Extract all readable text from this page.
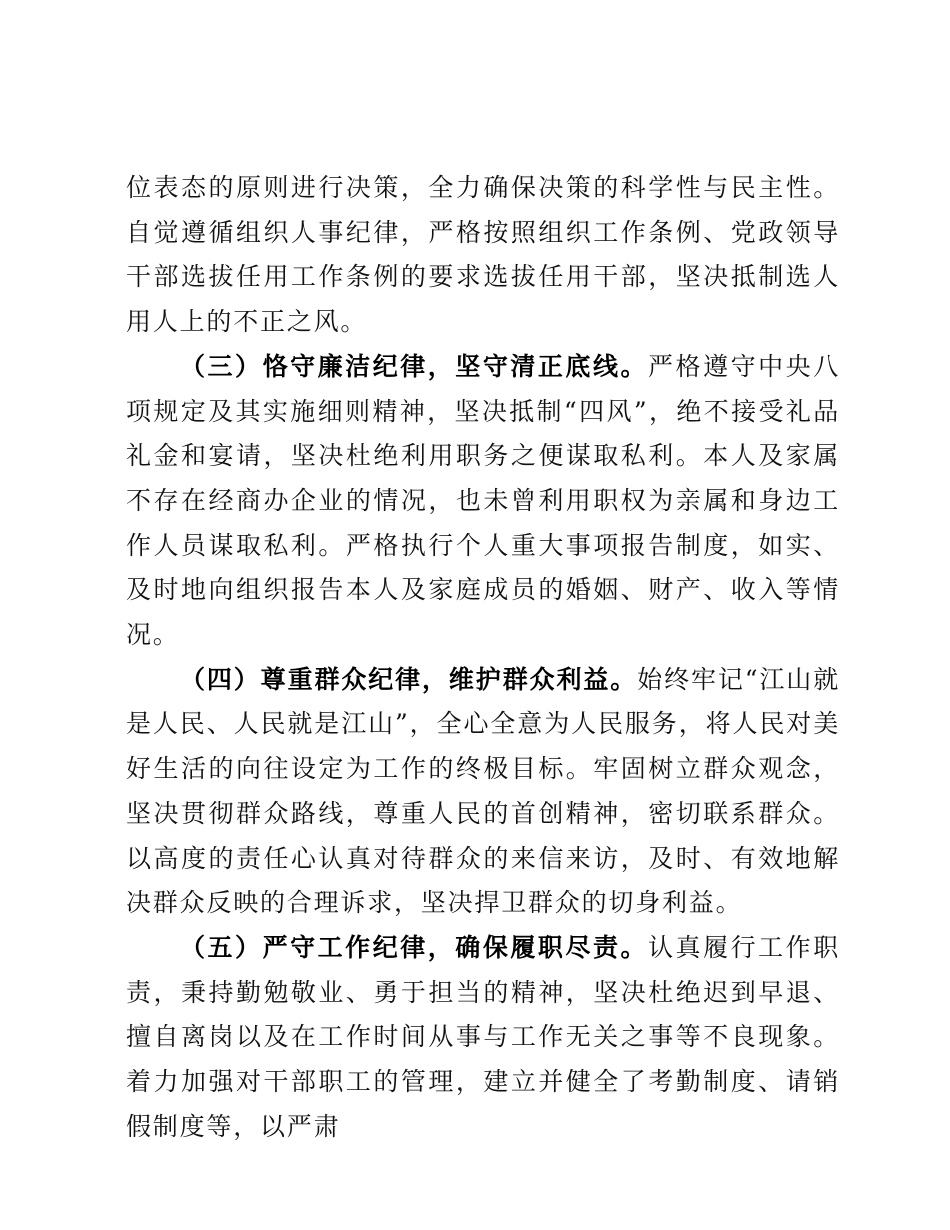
位表态的原则进行决策，全力确保决策的科学性与民主性。自觉遵循组织人事纪律，严格按照组织工作条例、党政领导干部选拔任用工作条例的要求选拔任用干部，坚决抵制选人用人上的不正之风。

（三）恪守廉洁纪律，坚守清正底线。严格遵守中央八项规定及其实施细则精神，坚决抵制“四风”，绝不接受礼品礼金和宴请，坚决杜绝利用职务之便谋取私利。本人及家属不存在经商办企业的情况，也未曾利用职权为亲属和身边工作人员谋取私利。严格执行个人重大事项报告制度，如实、及时地向组织报告本人及家庭成员的婚姻、财产、收入等情况。

（四）尊重群众纪律，维护群众利益。始终牢记“江山就是人民、人民就是江山”，全心全意为人民服务，将人民对美好生活的向往设定为工作的终极目标。牢固树立群众观念，坚决贯彻群众路线，尊重人民的首创精神，密切联系群众。以高度的责任心认真对待群众的来信来访，及时、有效地解决群众反映的合理诉求，坚决捍卫群众的切身利益。

（五）严守工作纪律，确保履职尽责。认真履行工作职责，秉持勤勉敬业、勇于担当的精神，坚决杜绝迟到早退、擅自离岗以及在工作时间从事与工作无关之事等不良现象。着力加强对干部职工的管理，建立并健全了考勤制度、请销假制度等，以严肃
